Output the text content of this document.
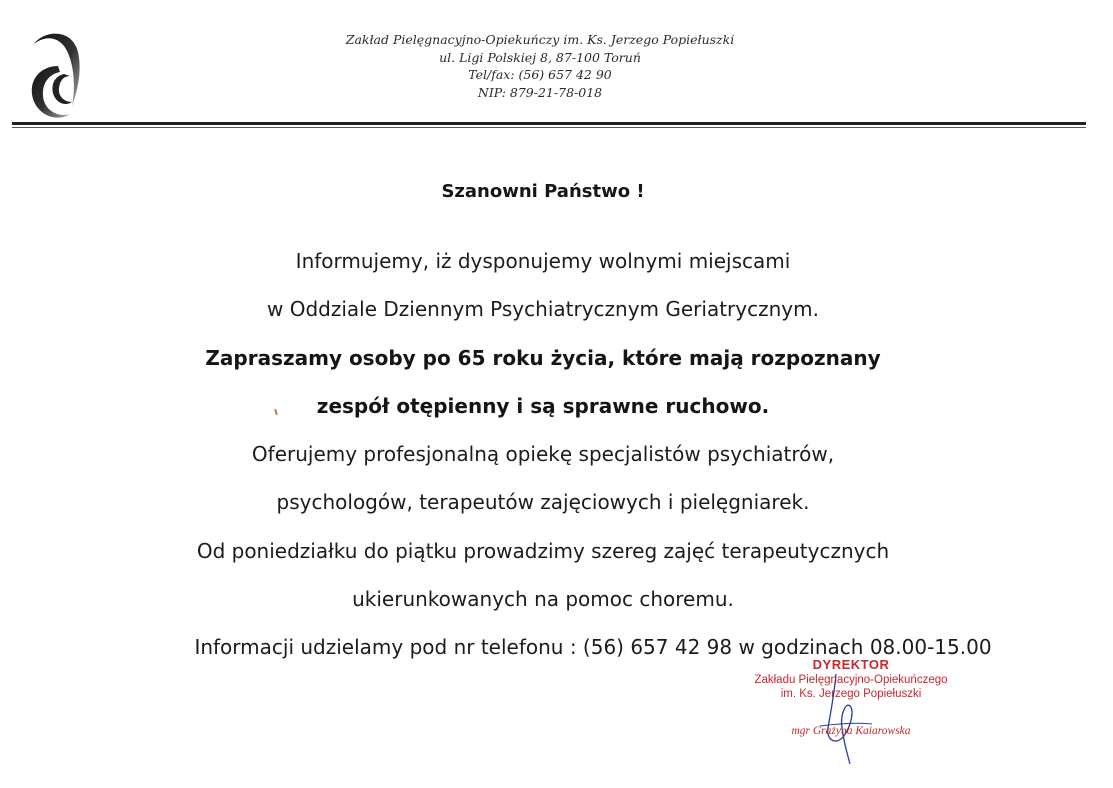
Zakład Pielęgnacyjno-Opiekuńczy im. Ks. Jerzego Popiełuszki
ul. Ligi Polskiej 8, 87-100 Toruń
Tel/fax: (56) 657 42 90
NIP: 879-21-78-018
Szanowni Państwo !
Informujemy, iż dysponujemy wolnymi miejscami
w Oddziale Dziennym Psychiatrycznym Geriatrycznym.
Zapraszamy osoby po 65 roku życia, które mają rozpoznany
zespół otępienny i są sprawne ruchowo.
Oferujemy profesjonalną opiekę specjalistów psychiatrów,
psychologów, terapeutów zajęciowych i pielęgniarek.
Od poniedziałku do piątku prowadzimy szereg zajęć terapeutycznych
ukierunkowanych na pomoc choremu.
Informacji udzielamy pod nr telefonu : (56) 657 42 98 w godzinach 08.00-15.00
DYREKTOR
Zakładu Pielęgnacyjno-Opiekuńczego
im. Ks. Jerzego Popiełuszki
mgr Grażyna Kaiarowska
